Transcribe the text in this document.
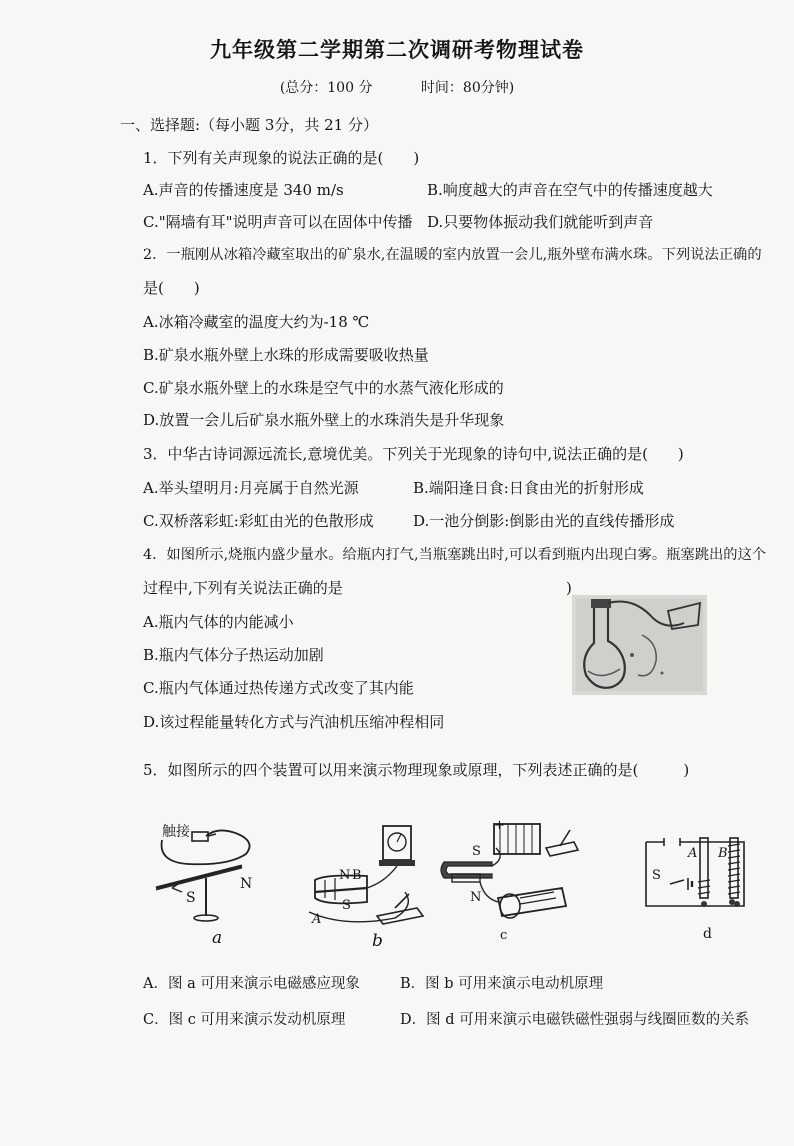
九年级第二学期第二次调研考物理试卷
(总分：100 分	时间：80分钟)
一、选择题:（每小题 3分，共 21 分）
1．下列有关声现象的说法正确的是(　　)
A.声音的传播速度是 340 m/s	B.响度越大的声音在空气中的传播速度越大
C."隔墙有耳"说明声音可以在固体中传播 D.只要物体振动我们就能听到声音
2．一瓶刚从冰箱冷藏室取出的矿泉水,在温暖的室内放置一会儿,瓶外壁布满水珠。下列说法正确的
是(　　)
A.冰箱冷藏室的温度大约为-18 ℃
B.矿泉水瓶外壁上水珠的形成需要吸收热量
C.矿泉水瓶外壁上的水珠是空气中的水蒸气液化形成的
D.放置一会儿后矿泉水瓶外壁上的水珠消失是升华现象
3．中华古诗词源远流长,意境优美。下列关于光现象的诗句中,说法正确的是(　　)
A.举头望明月:月亮属于自然光源	B.端阳逢日食:日食由光的折射形成
C.双桥落彩虹:彩虹由光的色散形成	D.一池分倒影:倒影由光的直线传播形成
4．如图所示,烧瓶内盛少量水。给瓶内打气,当瓶塞跳出时,可以看到瓶内出现白雾。瓶塞跳出的这个
过程中,下列有关说法正确的是	)
A.瓶内气体的内能减小
B.瓶内气体分子热运动加剧
C.瓶内气体通过热传递方式改变了其内能
D.该过程能量转化方式与汽油机压缩冲程相同
5．如图所示的四个装置可以用来演示物理现象或原理，下列表述正确的是(　　　)
触接
S
N
a
N B
S
A
b
S
N
+
c
A B
S
d
A．图 a 可用来演示电磁感应现象	B．图 b 可用来演示电动机原理
C．图 c 可用来演示发动机原理	D．图 d 可用来演示电磁铁磁性强弱与线圈匝数的关系
